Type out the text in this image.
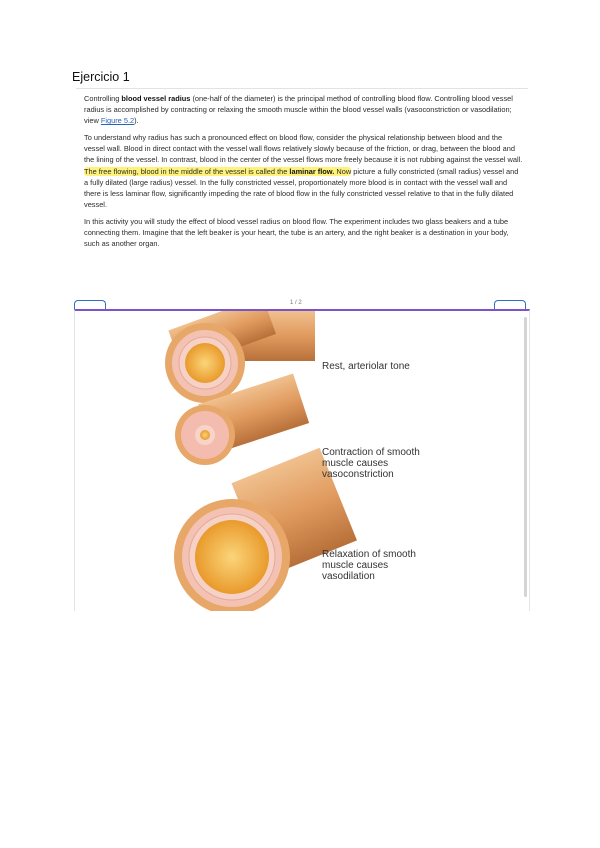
Ejercicio 1

Controlling blood vessel radius (one-half of the diameter) is the principal method of controlling blood flow. Controlling blood vessel radius is accomplished by contracting or relaxing the smooth muscle within the blood vessel walls (vasoconstriction or vasodilation; view Figure 5.2).

To understand why radius has such a pronounced effect on blood flow, consider the physical relationship between blood and the vessel wall. Blood in direct contact with the vessel wall flows relatively slowly because of the friction, or drag, between the blood and the lining of the vessel. In contrast, blood in the center of the vessel flows more freely because it is not rubbing against the vessel wall. The free flowing, blood in the middle of the vessel is called the laminar flow. Now picture a fully constricted (small radius) vessel and a fully dilated (large radius) vessel. In the fully constricted vessel, proportionately more blood is in contact with the vessel wall and there is less laminar flow, significantly impeding the rate of blood flow in the fully constricted vessel relative to that in the fully dilated vessel.

In this activity you will study the effect of blood vessel radius on blood flow. The experiment includes two glass beakers and a tube connecting them. Imagine that the left beaker is your heart, the tube is an artery, and the right beaker is a destination in your body, such as another organ.

1 / 2
Rest, arteriolar tone
Contraction of smooth
muscle causes
vasoconstriction
Relaxation of smooth
muscle causes
vasodilation
